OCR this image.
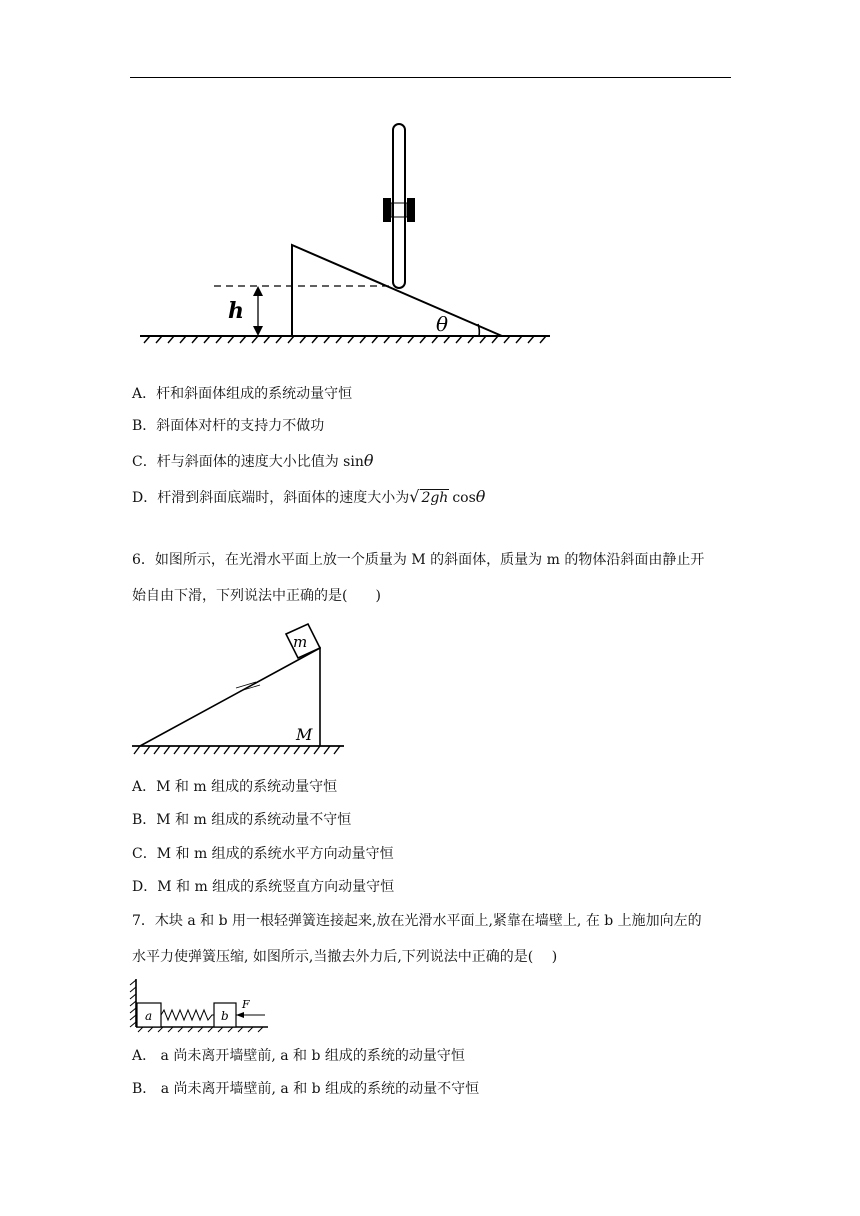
h	θ
A．杆和斜面体组成的系统动量守恒
B．斜面体对杆的支持力不做功
C．杆与斜面体的速度大小比值为 sinθ
D．杆滑到斜面底端时，斜面体的速度大小为√ 2gh cosθ
6．如图所示，在光滑水平面上放一个质量为 M 的斜面体，质量为 m 的物体沿斜面由静止开
始自由下滑，下列说法中正确的是(　　)
m
M
A．M 和 m 组成的系统动量守恒
B．M 和 m 组成的系统动量不守恒
C．M 和 m 组成的系统水平方向动量守恒
D．M 和 m 组成的系统竖直方向动量守恒
7．木块 a 和 b 用一根轻弹簧连接起来,放在光滑水平面上,紧靠在墙壁上, 在 b 上施加向左的
水平力使弹簧压缩, 如图所示,当撤去外力后,下列说法中正确的是(　 )
a	b
F
A． a 尚未离开墙壁前, a 和 b 组成的系统的动量守恒
B． a 尚未离开墙壁前, a 和 b 组成的系统的动量不守恒
